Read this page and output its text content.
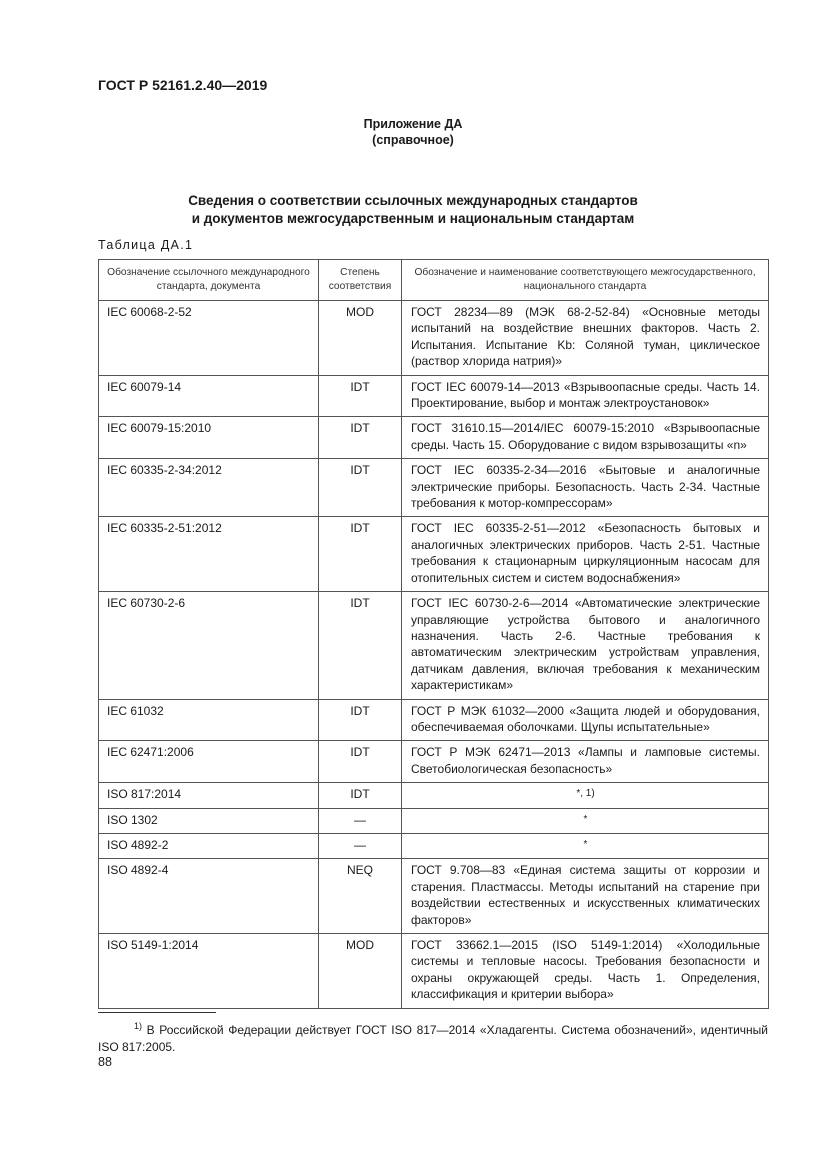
ГОСТ Р 52161.2.40—2019
Приложение ДА
(справочное)
Сведения о соответствии ссылочных международных стандартов
и документов межгосударственным и национальным стандартам
Таблица ДА.1
Обозначение ссылочного международного стандарта, документа	Степень соответствия	Обозначение и наименование соответствующего межгосударственного, национального стандарта
IEC 60068-2-52	MOD	ГОСТ 28234—89 (МЭК 68-2-52-84) «Основные методы испытаний на воздействие внешних факторов. Часть 2. Испытания. Испытание Kb: Соляной туман, циклическое (раствор хлорида натрия)»
IEC 60079-14	IDT	ГОСТ IEC 60079-14—2013 «Взрывоопасные среды. Часть 14. Проектирование, выбор и монтаж электроустановок»
IEC 60079-15:2010	IDT	ГОСТ 31610.15—2014/IEC 60079-15:2010 «Взрывоопасные среды. Часть 15. Оборудование с видом взрывозащиты «n»
IEC 60335-2-34:2012	IDT	ГОСТ IEC 60335-2-34—2016 «Бытовые и аналогичные электрические приборы. Безопасность. Часть 2-34. Частные требования к мотор-компрессорам»
IEC 60335-2-51:2012	IDT	ГОСТ IEC 60335-2-51—2012 «Безопасность бытовых и аналогичных электрических приборов. Часть 2-51. Частные требования к стационарным циркуляционным насосам для отопительных систем и систем водоснабжения»
IEC 60730-2-6	IDT	ГОСТ IEC 60730-2-6—2014 «Автоматические электрические управляющие устройства бытового и аналогичного назначения. Часть 2-6. Частные требования к автоматическим электрическим устройствам управления, датчикам давления, включая требования к механическим характеристикам»
IEC 61032	IDT	ГОСТ Р МЭК 61032—2000 «Защита людей и оборудования, обеспечиваемая оболочками. Щупы испытательные»
IEC 62471:2006	IDT	ГОСТ Р МЭК 62471—2013 «Лампы и ламповые системы. Светобиологическая безопасность»
ISO 817:2014	IDT	*, 1)
ISO 1302	—	*
ISO 4892-2	—	*
ISO 4892-4	NEQ	ГОСТ 9.708—83 «Единая система защиты от коррозии и старения. Пластмассы. Методы испытаний на старение при воздействии естественных и искусственных климатических факторов»
ISO 5149-1:2014	MOD	ГОСТ 33662.1—2015 (ISO 5149-1:2014) «Холодильные системы и тепловые насосы. Требования безопасности и охраны окружающей среды. Часть 1. Определения, классификация и критерии выбора»
$^{1)}$ В Российской Федерации действует ГОСТ ISO 817—2014 «Хладагенты. Система обозначений», идентичный ISO 817:2005.
88
